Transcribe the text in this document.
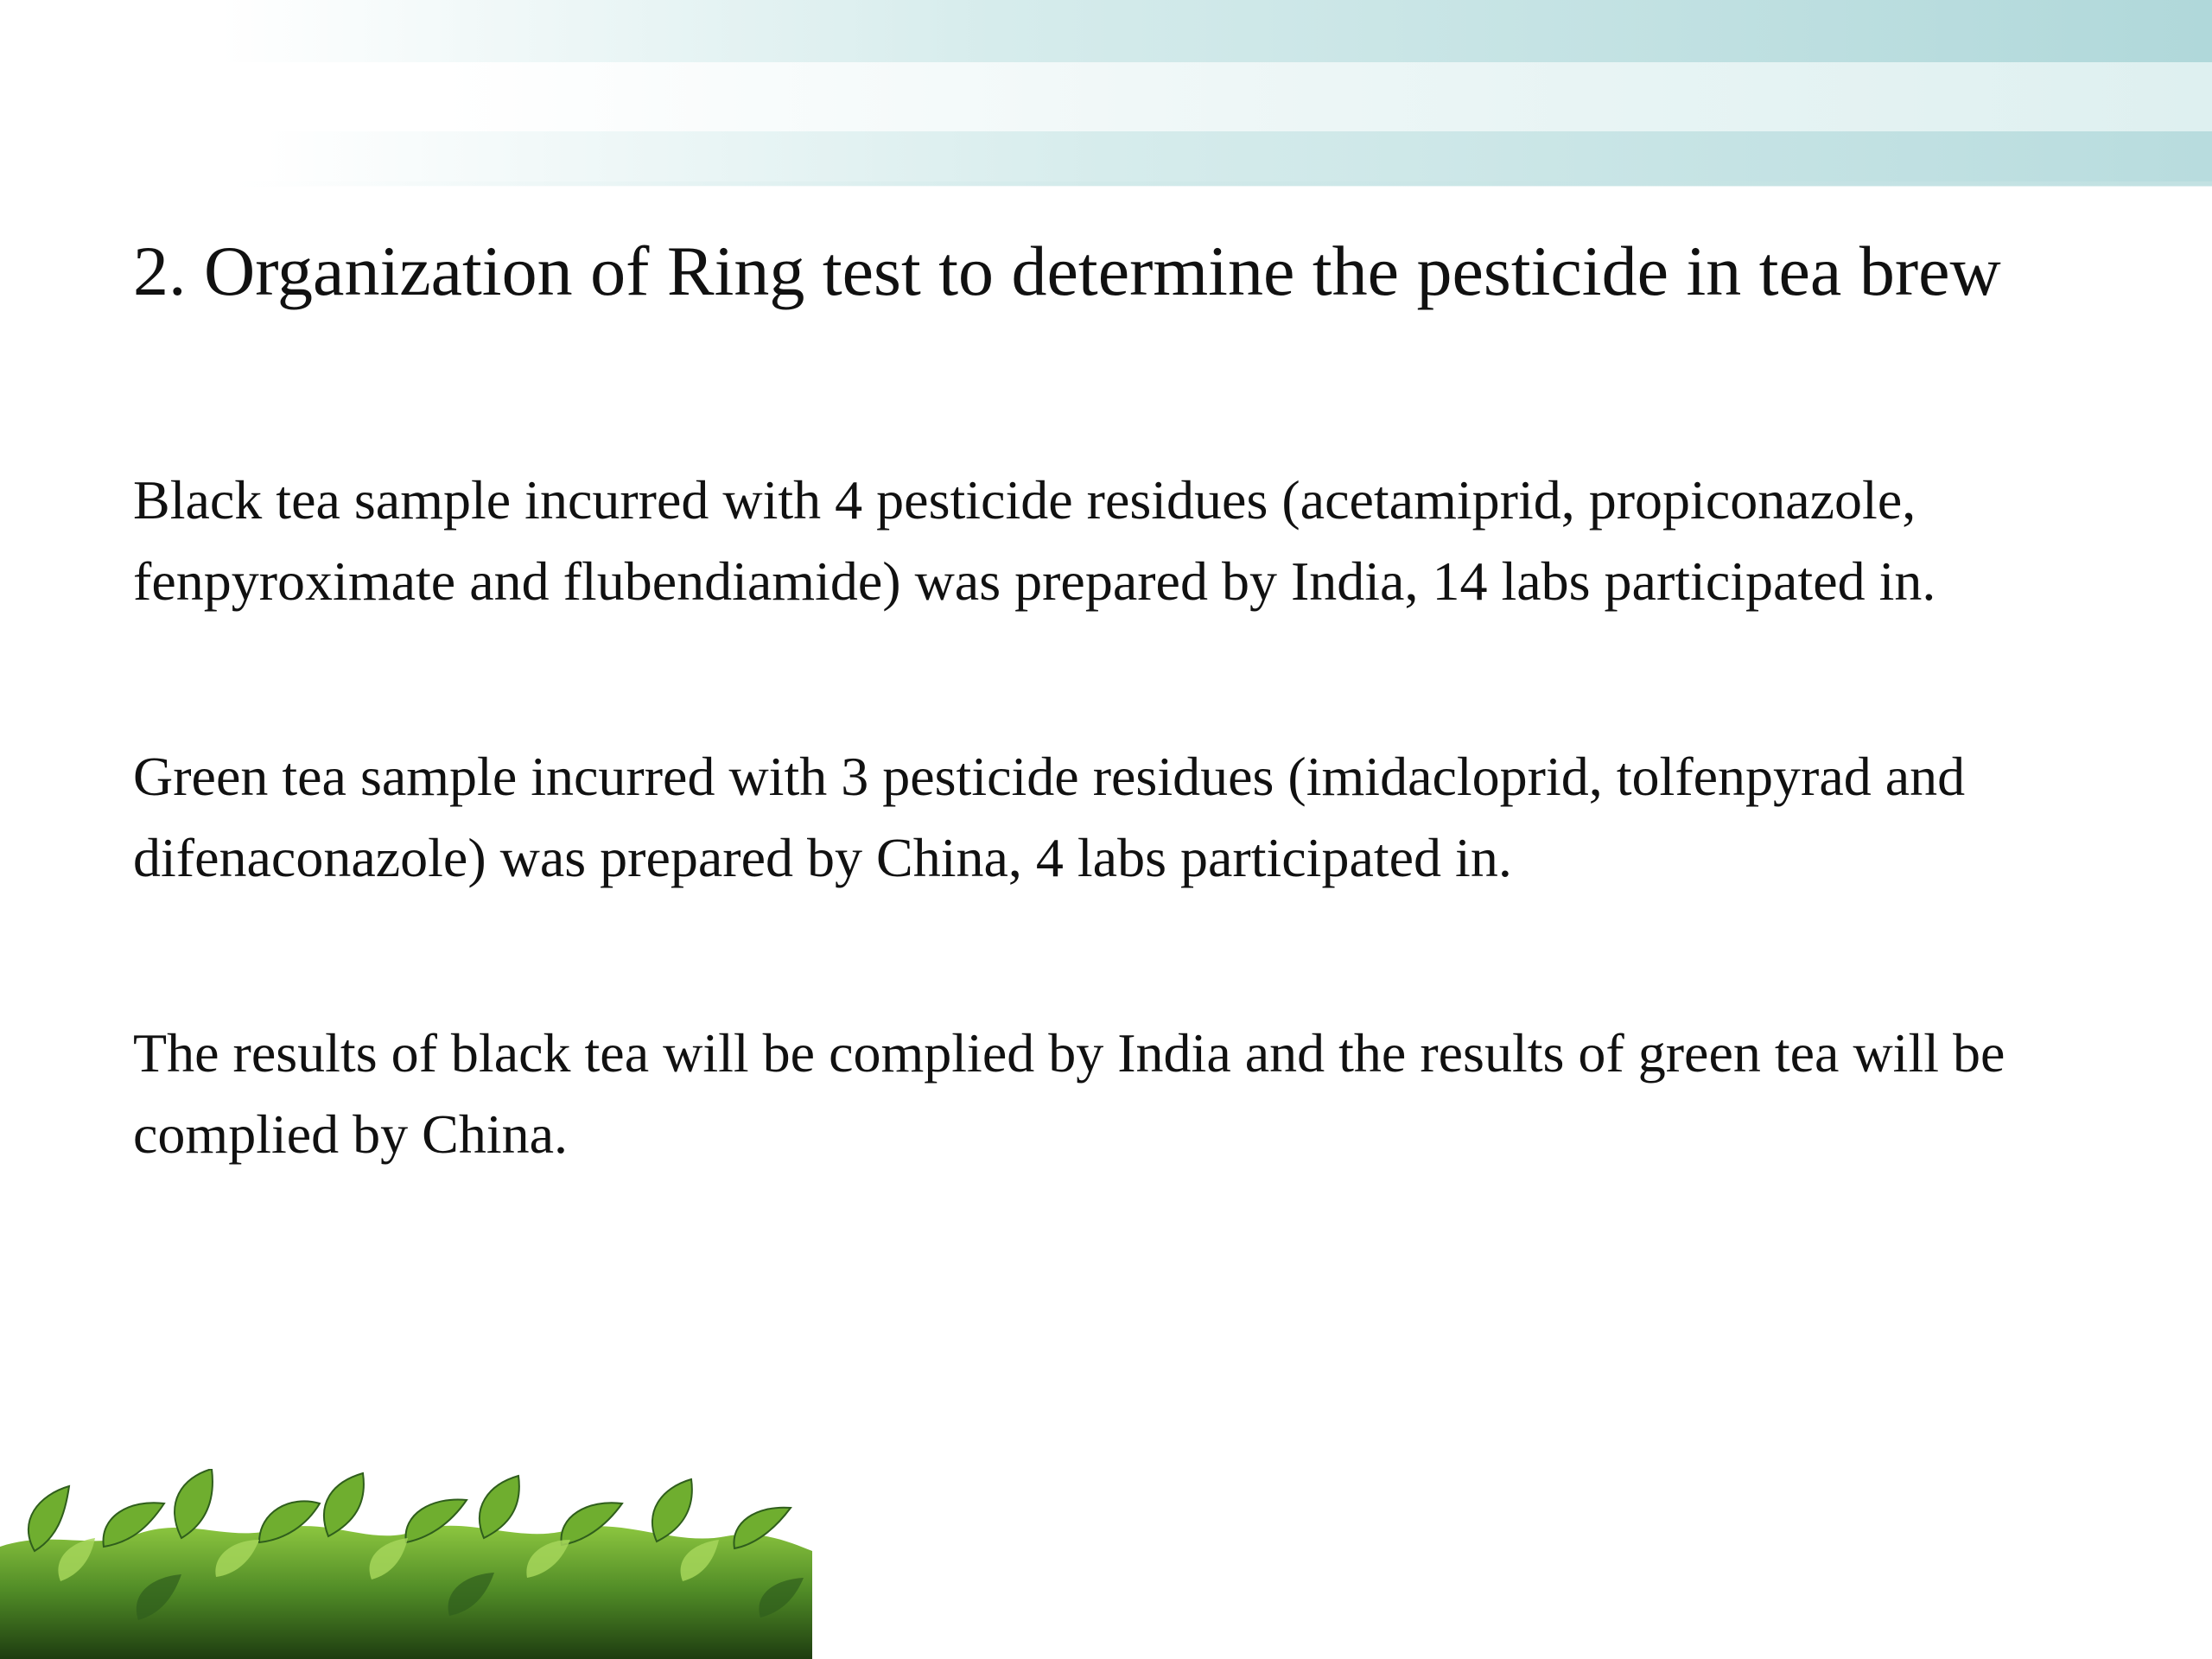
2. Organization of Ring test to determine the pesticide in tea brew

Black tea sample incurred with 4 pesticide residues (acetamiprid, propiconazole, fenpyroximate and flubendiamide) was prepared by India, 14 labs participated in.

Green tea sample incurred with 3 pesticide residues (imidacloprid, tolfenpyrad and difenaconazole) was prepared by China, 4 labs participated in.

The results of black tea will be complied by India and the results of green tea will be complied by China.
